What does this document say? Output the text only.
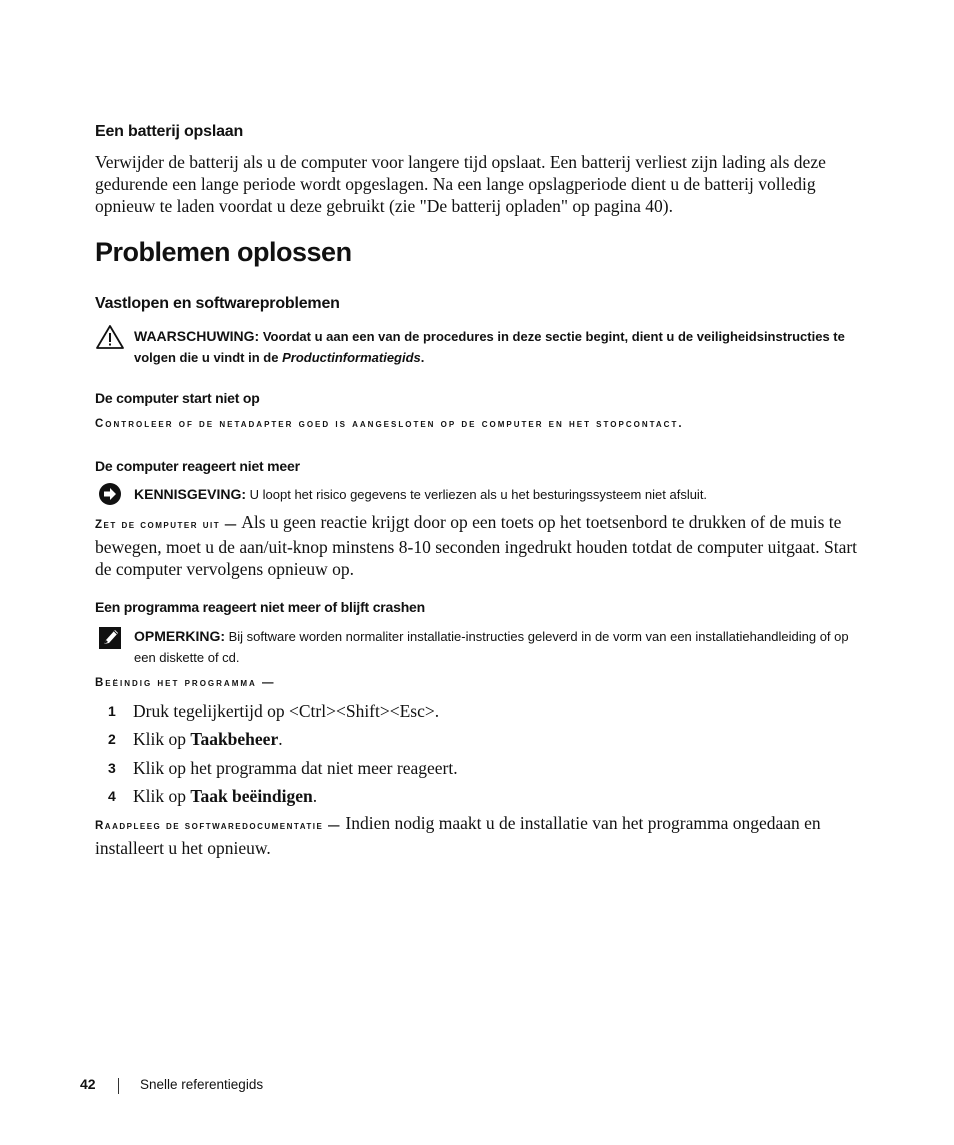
Een batterij opslaan
Verwijder de batterij als u de computer voor langere tijd opslaat. Een batterij verliest zijn lading als deze gedurende een lange periode wordt opgeslagen. Na een lange opslagperiode dient u de batterij volledig opnieuw te laden voordat u deze gebruikt (zie "De batterij opladen" op pagina 40).
Problemen oplossen
Vastlopen en softwareproblemen
WAARSCHUWING: Voordat u aan een van de procedures in deze sectie begint, dient u de veiligheidsinstructies te volgen die u vindt in de Productinformatiegids.
De computer start niet op
Controleer of de netadapter goed is aangesloten op de computer en het stopcontact.
De computer reageert niet meer
KENNISGEVING: U loopt het risico gegevens te verliezen als u het besturingssysteem niet afsluit.
Zet de computer uit — Als u geen reactie krijgt door op een toets op het toetsenbord te drukken of de muis te bewegen, moet u de aan/uit-knop minstens 8-10 seconden ingedrukt houden totdat de computer uitgaat. Start de computer vervolgens opnieuw op.
Een programma reageert niet meer of blijft crashen
OPMERKING: Bij software worden normaliter installatie-instructies geleverd in de vorm van een installatiehandleiding of op een diskette of cd.
Beëindig het programma —
1 Druk tegelijkertijd op <Ctrl><Shift><Esc>.
2 Klik op Taakbeheer.
3 Klik op het programma dat niet meer reageert.
4 Klik op Taak beëindigen.
Raadpleeg de softwaredocumentatie — Indien nodig maakt u de installatie van het programma ongedaan en installeert u het opnieuw.
42	Snelle referentiegids
